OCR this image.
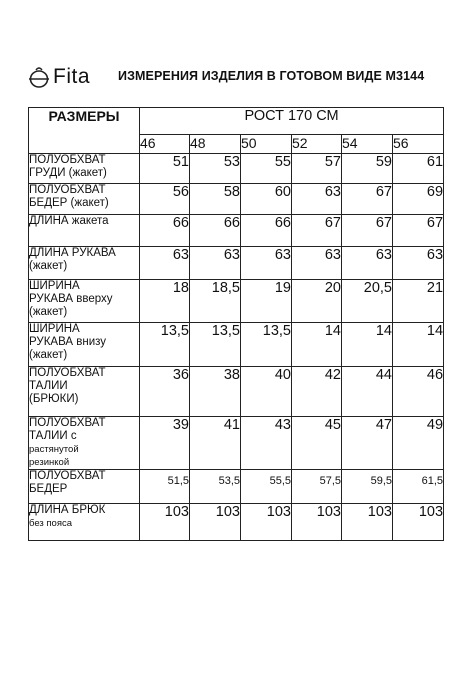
Fita ИЗМЕРЕНИЯ ИЗДЕЛИЯ В ГОТОВОМ ВИДЕ М3144
РАЗМЕРЫ	РОСТ 170 СМ					
	46	48	50	52	54	56
ПОЛУОБХВАТ
ГРУДИ (жакет)	51	53	55	57	59	61
ПОЛУОБХВАТ
БЕДЕР (жакет)	56	58	60	63	67	69
ДЛИНА жакета	66	66	66	67	67	67
ДЛИНА РУКАВА
(жакет)	63	63	63	63	63	63
ШИРИНА
РУКАВА вверху
(жакет)	18	18,5	19	20	20,5	21
ШИРИНА
РУКАВА внизу
(жакет)	13,5	13,5	13,5	14	14	14
ПОЛУОБХВАТ
ТАЛИИ
(БРЮКИ)	36	38	40	42	44	46
ПОЛУОБХВАТ
ТАЛИИ с
растянутой
резинкой	39	41	43	45	47	49
ПОЛУОБХВАТ
БЕДЕР	51,5	53,5	55,5	57,5	59,5	61,5
ДЛИНА БРЮК
без пояса	103	103	103	103	103	103
